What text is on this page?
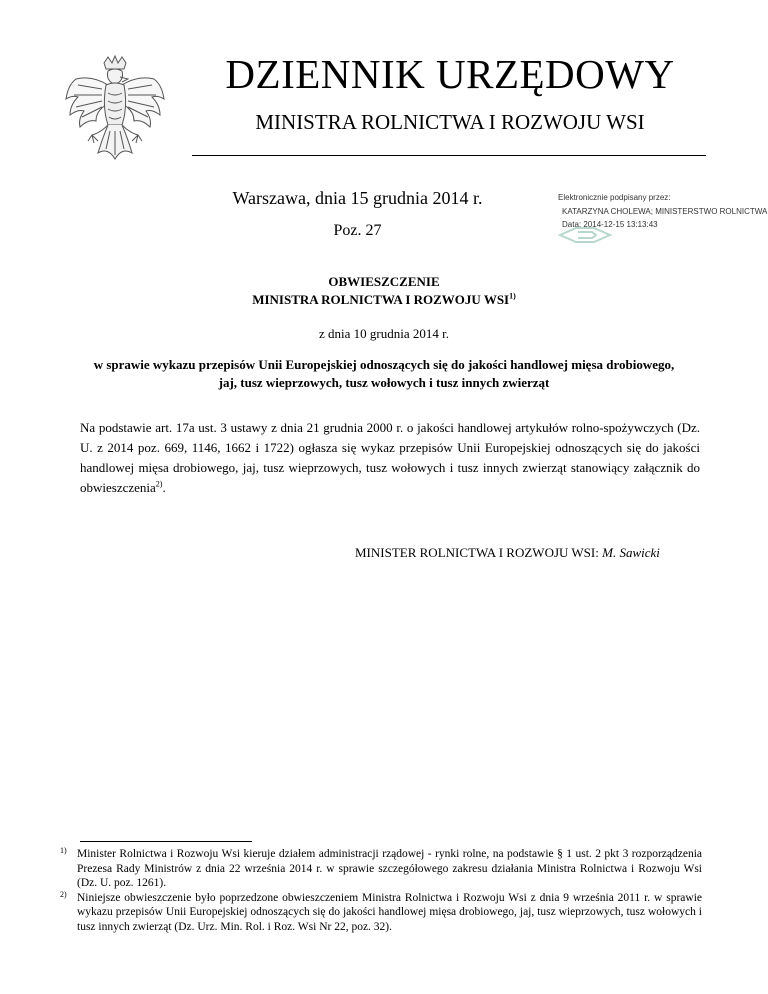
DZIENNIK URZĘDOWY
MINISTRA ROLNICTWA I ROZWOJU WSI
Warszawa, dnia 15 grudnia 2014 r.
Poz. 27
Elektronicznie podpisany przez:
KATARZYNA CHOLEWA; MINISTERSTWO ROLNICTWA
Data: 2014-12-15 13:13:43
OBWIESZCZENIE
MINISTRA ROLNICTWA I ROZWOJU WSI$^{1)}$
z dnia 10 grudnia 2014 r.
w sprawie wykazu przepisów Unii Europejskiej odnoszących się do jakości handlowej mięsa drobiowego,
jaj, tusz wieprzowych, tusz wołowych i tusz innych zwierząt

Na podstawie art. 17a ust. 3 ustawy z dnia 21 grudnia 2000 r. o jakości handlowej artykułów rolno-spożywczych (Dz. U. z 2014 poz. 669, 1146, 1662 i 1722) ogłasza się wykaz przepisów Unii Europejskiej odnoszących się do jakości handlowej mięsa drobiowego, jaj, tusz wieprzowych, tusz wołowych i tusz innych zwierząt stanowiący załącznik do obwieszczenia$^{2)}$.

MINISTER ROLNICTWA I ROZWOJU WSI: M. Sawicki
1) Minister Rolnictwa i Rozwoju Wsi kieruje działem administracji rządowej - rynki rolne, na podstawie § 1 ust. 2 pkt 3 rozporządzenia Prezesa Rady Ministrów z dnia 22 września 2014 r. w sprawie szczegółowego zakresu działania Ministra Rolnictwa i Rozwoju Wsi (Dz. U. poz. 1261).
2) Niniejsze obwieszczenie było poprzedzone obwieszczeniem Ministra Rolnictwa i Rozwoju Wsi z dnia 9 września 2011 r. w sprawie wykazu przepisów Unii Europejskiej odnoszących się do jakości handlowej mięsa drobiowego, jaj, tusz wieprzowych, tusz wołowych i tusz innych zwierząt (Dz. Urz. Min. Rol. i Roz. Wsi Nr 22, poz. 32).
